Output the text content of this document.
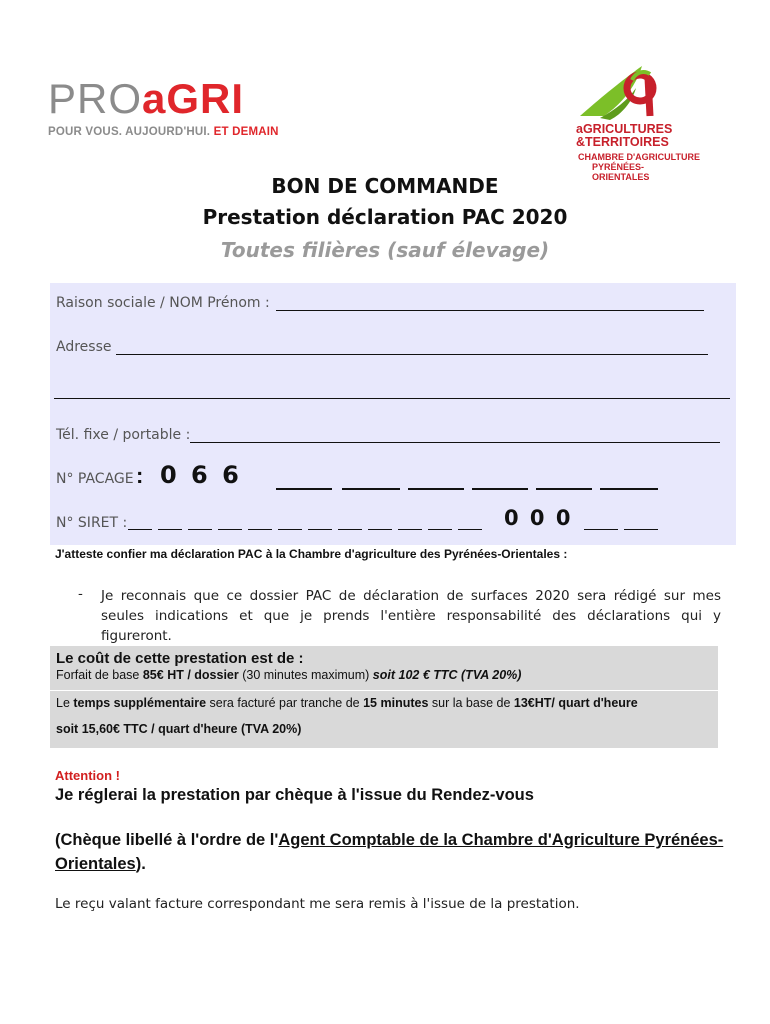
PROaGRI
POUR VOUS. AUJOURD'HUI. ET DEMAIN	aGRICULTURES
&TERRITOIRES
CHAMBRE D'AGRICULTURE
PYRÉNÉES-ORIENTALES
BON DE COMMANDE
Prestation déclaration PAC 2020
Toutes filières (sauf élevage)
Raison sociale / NOM Prénom :
Adresse
Tél. fixe / portable :
N° PACAGE : 0 6 6
N° SIRET :	0 0 0
J'atteste confier ma déclaration PAC à la Chambre d'agriculture des Pyrénées-Orientales :
- Je reconnais que ce dossier PAC de déclaration de surfaces 2020 sera rédigé sur mes seules indications et que je prends l'entière responsabilité des déclarations qui y figureront.
Le coût de cette prestation est de :
Forfait de base 85€ HT / dossier (30 minutes maximum) soit 102 € TTC (TVA 20%)
Le temps supplémentaire sera facturé par tranche de 15 minutes sur la base de 13€HT/ quart d'heure
soit 15,60€ TTC / quart d'heure (TVA 20%)
Attention !
Je réglerai la prestation par chèque à l'issue du Rendez-vous
(Chèque libellé à l'ordre de l'Agent Comptable de la Chambre d'Agriculture Pyrénées-Orientales).
Le reçu valant facture correspondant me sera remis à l'issue de la prestation.
